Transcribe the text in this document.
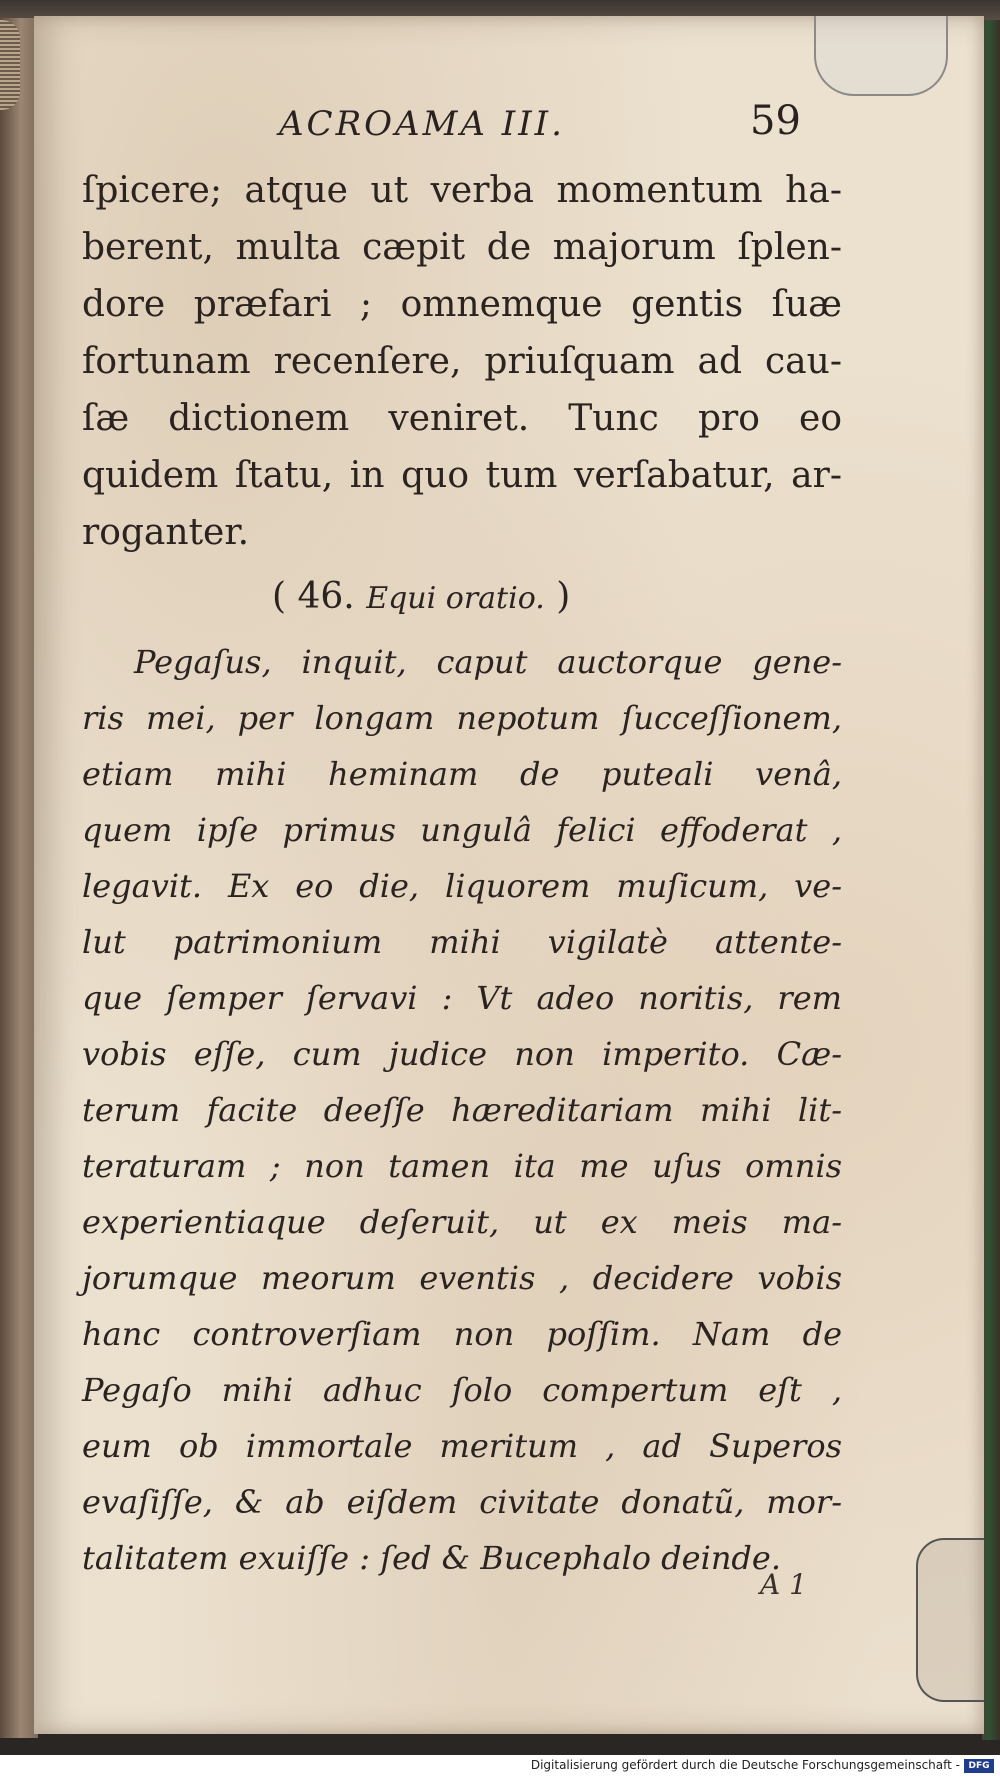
ACROAMA III.	59
ſpicere; atque ut verba momentum ha-
berent, multa cæpit de majorum ſplen-
dore præfari ; omnemque gentis ſuæ
fortunam recenſere, priuſquam ad cau-
ſæ dictionem veniret. Tunc pro eo
quidem ſtatu, in quo tum verſabatur, ar-
roganter.
( 46. Equi oratio. )
Pegaſus, inquit, caput auctorque gene-
ris mei, per longam nepotum ſucceſſionem,
etiam mihi heminam de puteali venâ,
quem ipſe primus ungulâ felici effoderat ,
legavit. Ex eo die, liquorem muſicum, ve-
lut patrimonium mihi vigilatè attente-
que ſemper ſervavi : Vt adeo noritis, rem
vobis eſſe, cum judice non imperito. Cæ-
terum facite deeſſe hæreditariam mihi lit-
teraturam ; non tamen ita me uſus omnis
experientiaque deſeruit, ut ex meis ma-
jorumque meorum eventis , decidere vobis
hanc controverſiam non poſſim. Nam de
Pegaſo mihi adhuc ſolo compertum eſt ,
eum ob immortale meritum , ad Superos
evaſiſſe, & ab eiſdem civitate donatũ, mor-
talitatem exuiſſe : ſed & Bucephalo deinde.
A 1
Digitalisierung gefördert durch die Deutsche Forschungsgemeinschaft - DFG
